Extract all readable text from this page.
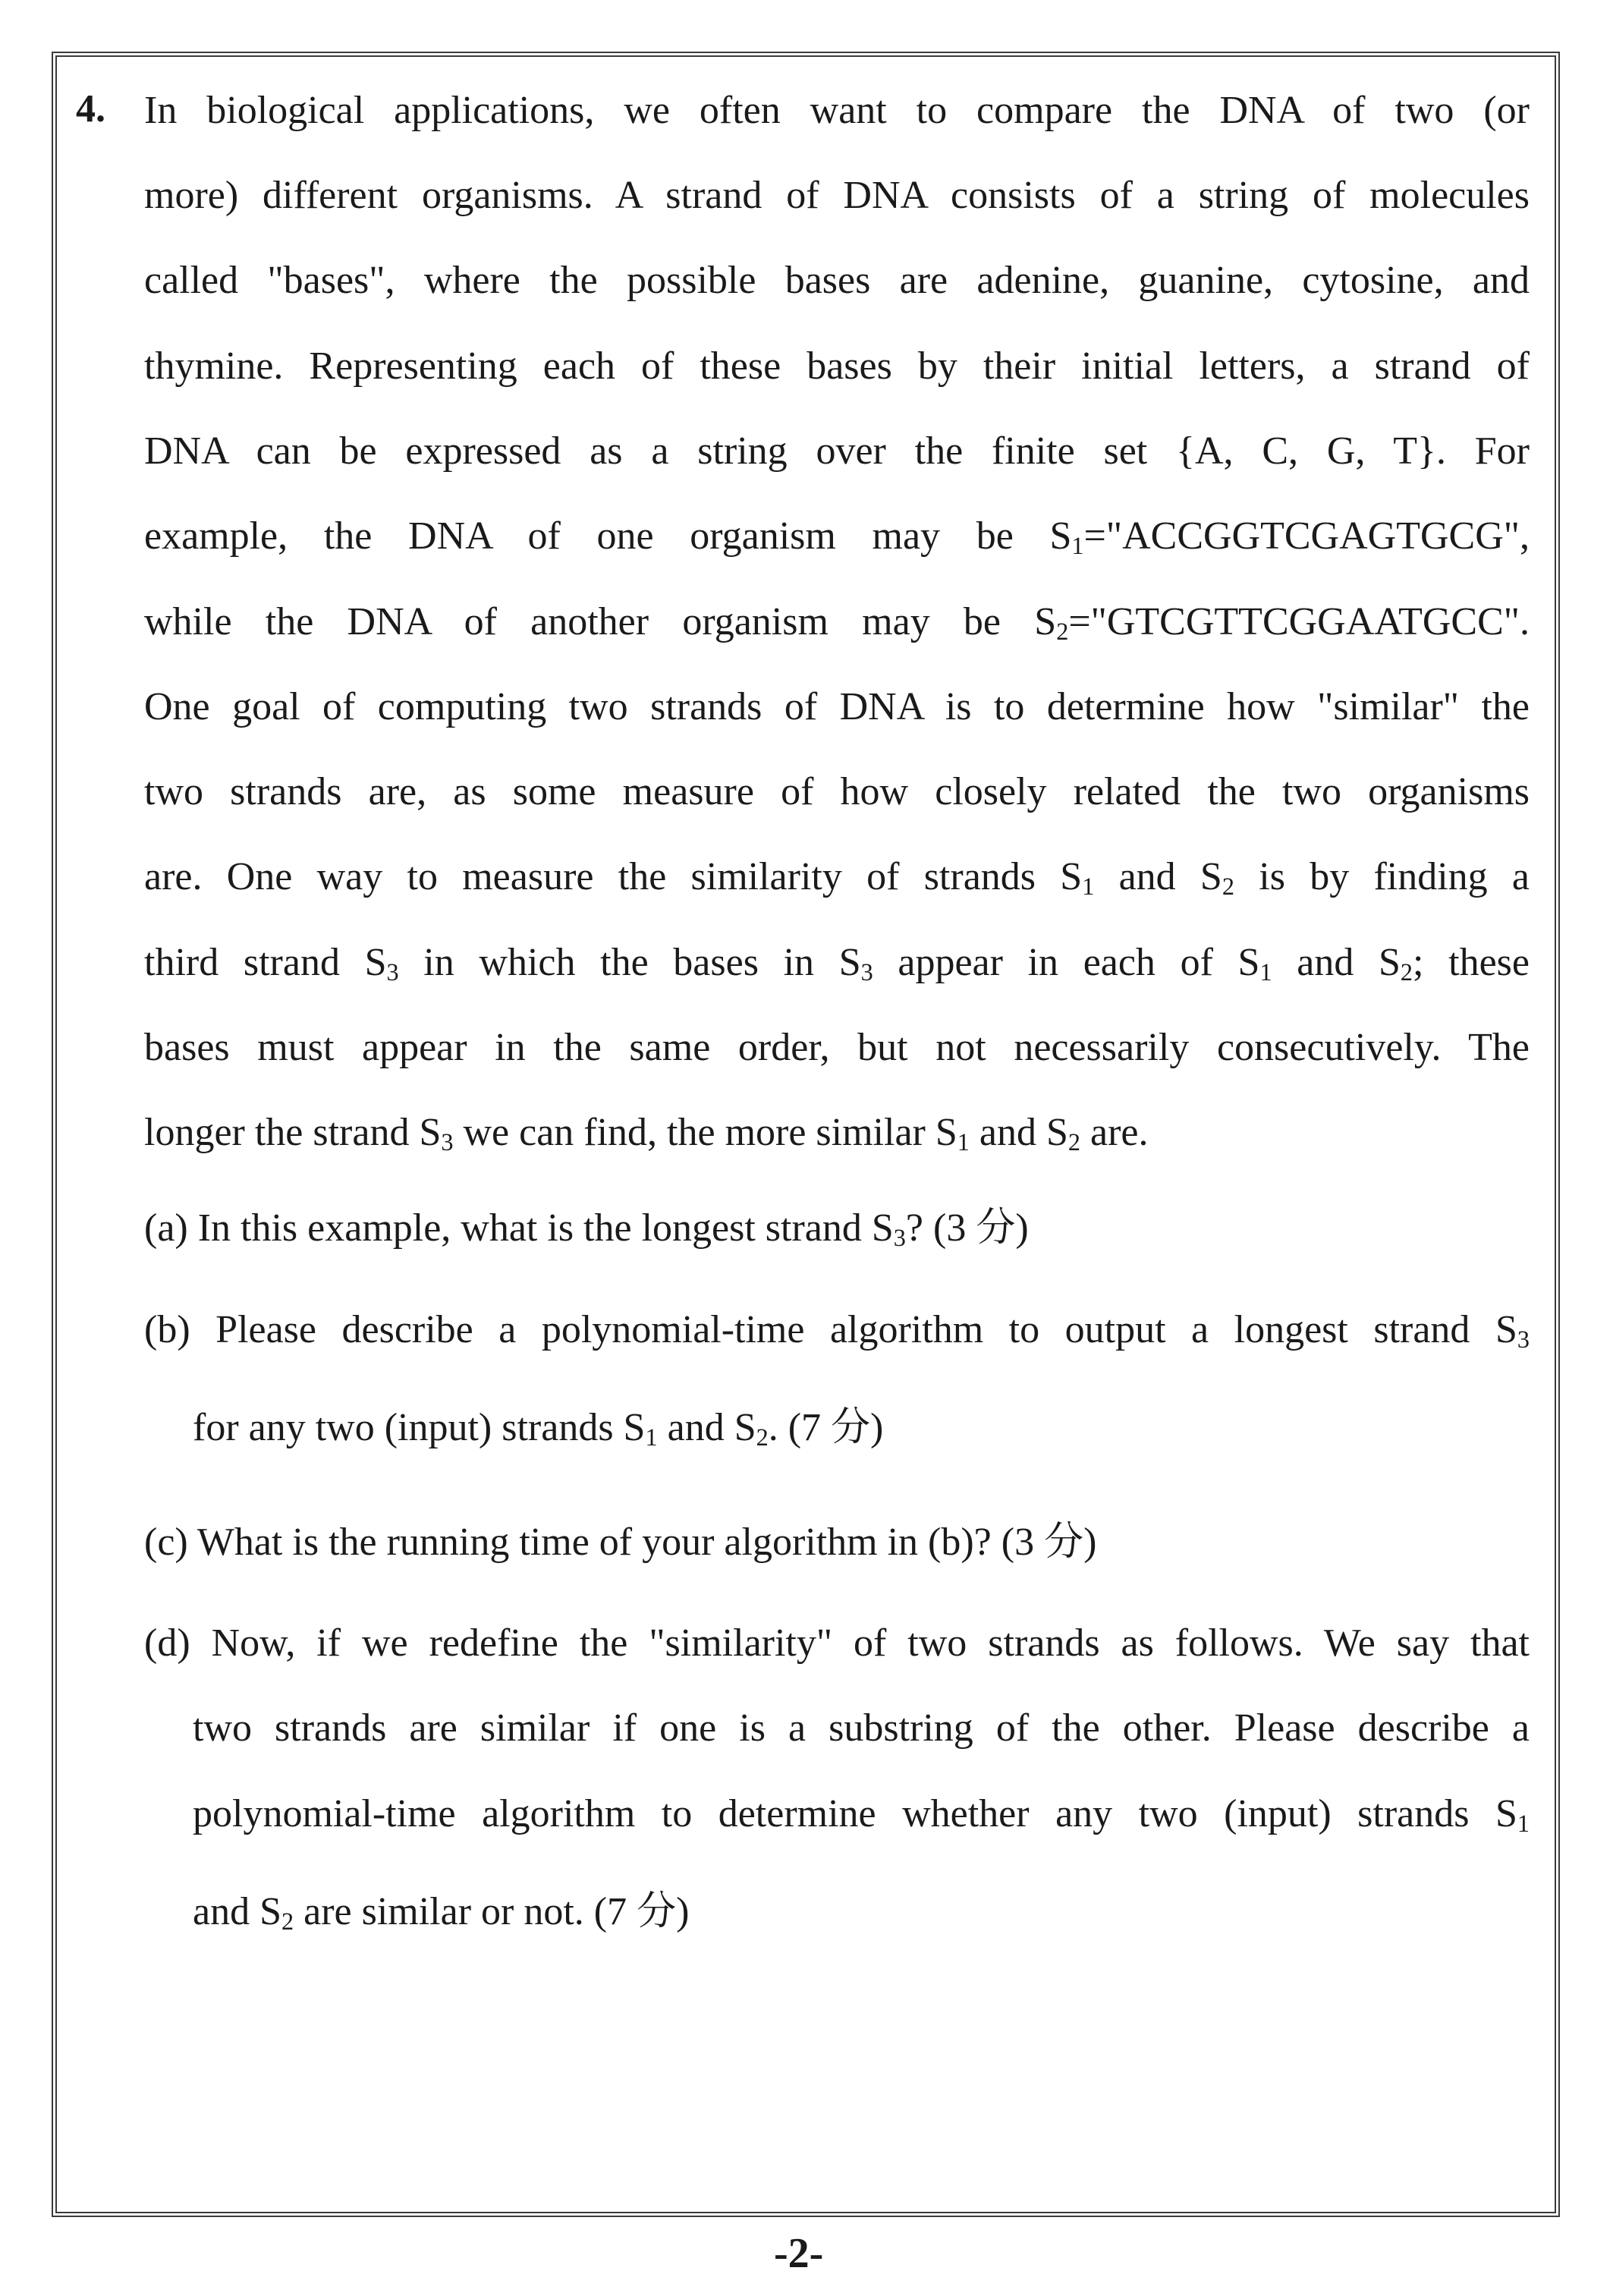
4. In biological applications, we often want to compare the DNA of two (or
more) different organisms. A strand of DNA consists of a string of molecules
called "bases", where the possible bases are adenine, guanine, cytosine, and
thymine. Representing each of these bases by their initial letters, a strand of
DNA can be expressed as a string over the finite set {A, C, G, T}. For
example, the DNA of one organism may be $S_1="ACCGGTCGAGTGCG$",
while the DNA of another organism may be $S_2="GTCGTTCGGAATGCC$".
One goal of computing two strands of DNA is to determine how "similar" the
two strands are, as some measure of how closely related the two organisms
are. One way to measure the similarity of strands $S_1$ and $S_2$ is by finding a
third strand $S_3$ in which the bases in $S_3$ appear in each of $S_1$ and $S_2$; these
bases must appear in the same order, but not necessarily consecutively. The
longer the strand $S_3$ we can find, the more similar $S_1$ and $S_2$ are.
(a) In this example, what is the longest strand $S_3$? (3 分)
(b) Please describe a polynomial-time algorithm to output a longest strand $S_3$
for any two (input) strands $S_1$ and $S_2$. (7 分)
(c) What is the running time of your algorithm in (b)? (3 分)
(d) Now, if we redefine the "similarity" of two strands as follows. We say that
two strands are similar if one is a substring of the other. Please describe a
polynomial-time algorithm to determine whether any two (input) strands $S_1$
and $S_2$ are similar or not. (7 分)
-2-
